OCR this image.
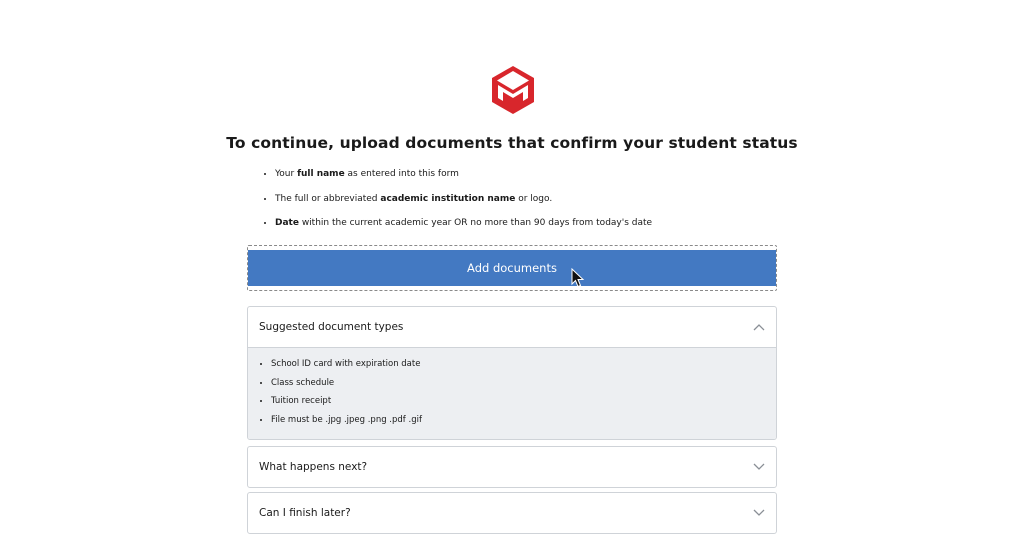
To continue, upload documents that confirm your student status
• Your full name as entered into this form
• The full or abbreviated academic institution name or logo.
• Date within the current academic year OR no more than 90 days from today's date
Add documents
Suggested document types
• School ID card with expiration date
• Class schedule
• Tuition receipt
• File must be .jpg .jpeg .png .pdf .gif
What happens next?
Can I finish later?
